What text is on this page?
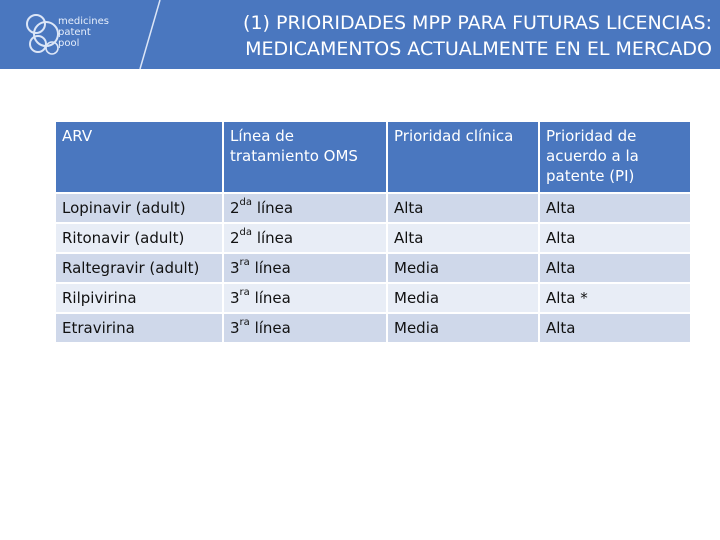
medicines
patent
pool
(1) PRIORIDADES MPP PARA FUTURAS LICENCIAS:
MEDICAMENTOS ACTUALMENTE EN EL MERCADO
ARV	Línea de tratamiento OMS	Prioridad clínica	Prioridad de acuerdo a la patente (PI)
Lopinavir (adult)	$2^{da}$ línea	Alta	Alta
Ritonavir (adult)	$2^{da}$ línea	Alta	Alta
Raltegravir (adult)	$3^{ra}$ línea	Media	Alta
Rilpivirina	$3^{ra}$ línea	Media	Alta *
Etravirina	$3^{ra}$ línea	Media	Alta
